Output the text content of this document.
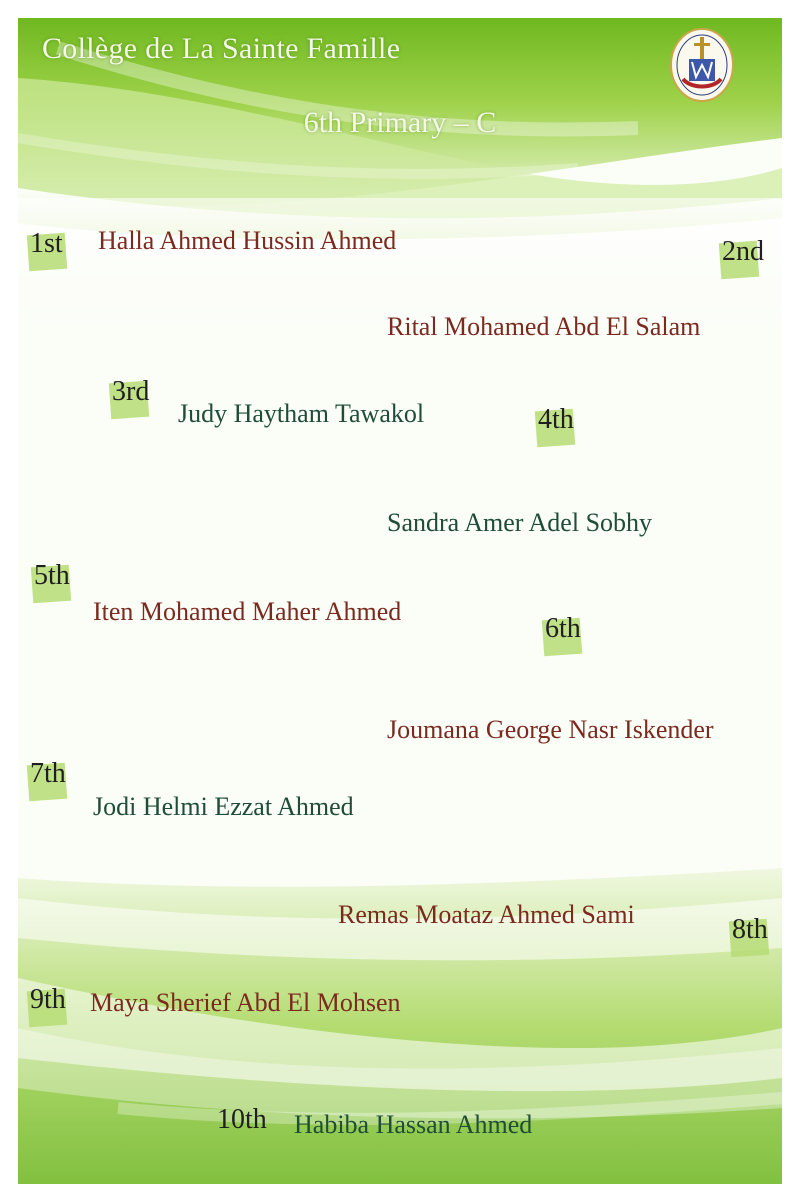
Collège de La Sainte Famille
6th Primary – C
1st Halla Ahmed Hussin Ahmed	2nd
Rital Mohamed Abd El Salam
3rd
Judy Haytham Tawakol	4th
Sandra Amer Adel Sobhy
5th
Iten Mohamed Maher Ahmed
6th
Joumana George Nasr Iskender
7th
Jodi Helmi Ezzat Ahmed
8th
Remas Moataz Ahmed Sami
9th Maya Sherief Abd El Mohsen
10th Habiba Hassan Ahmed
